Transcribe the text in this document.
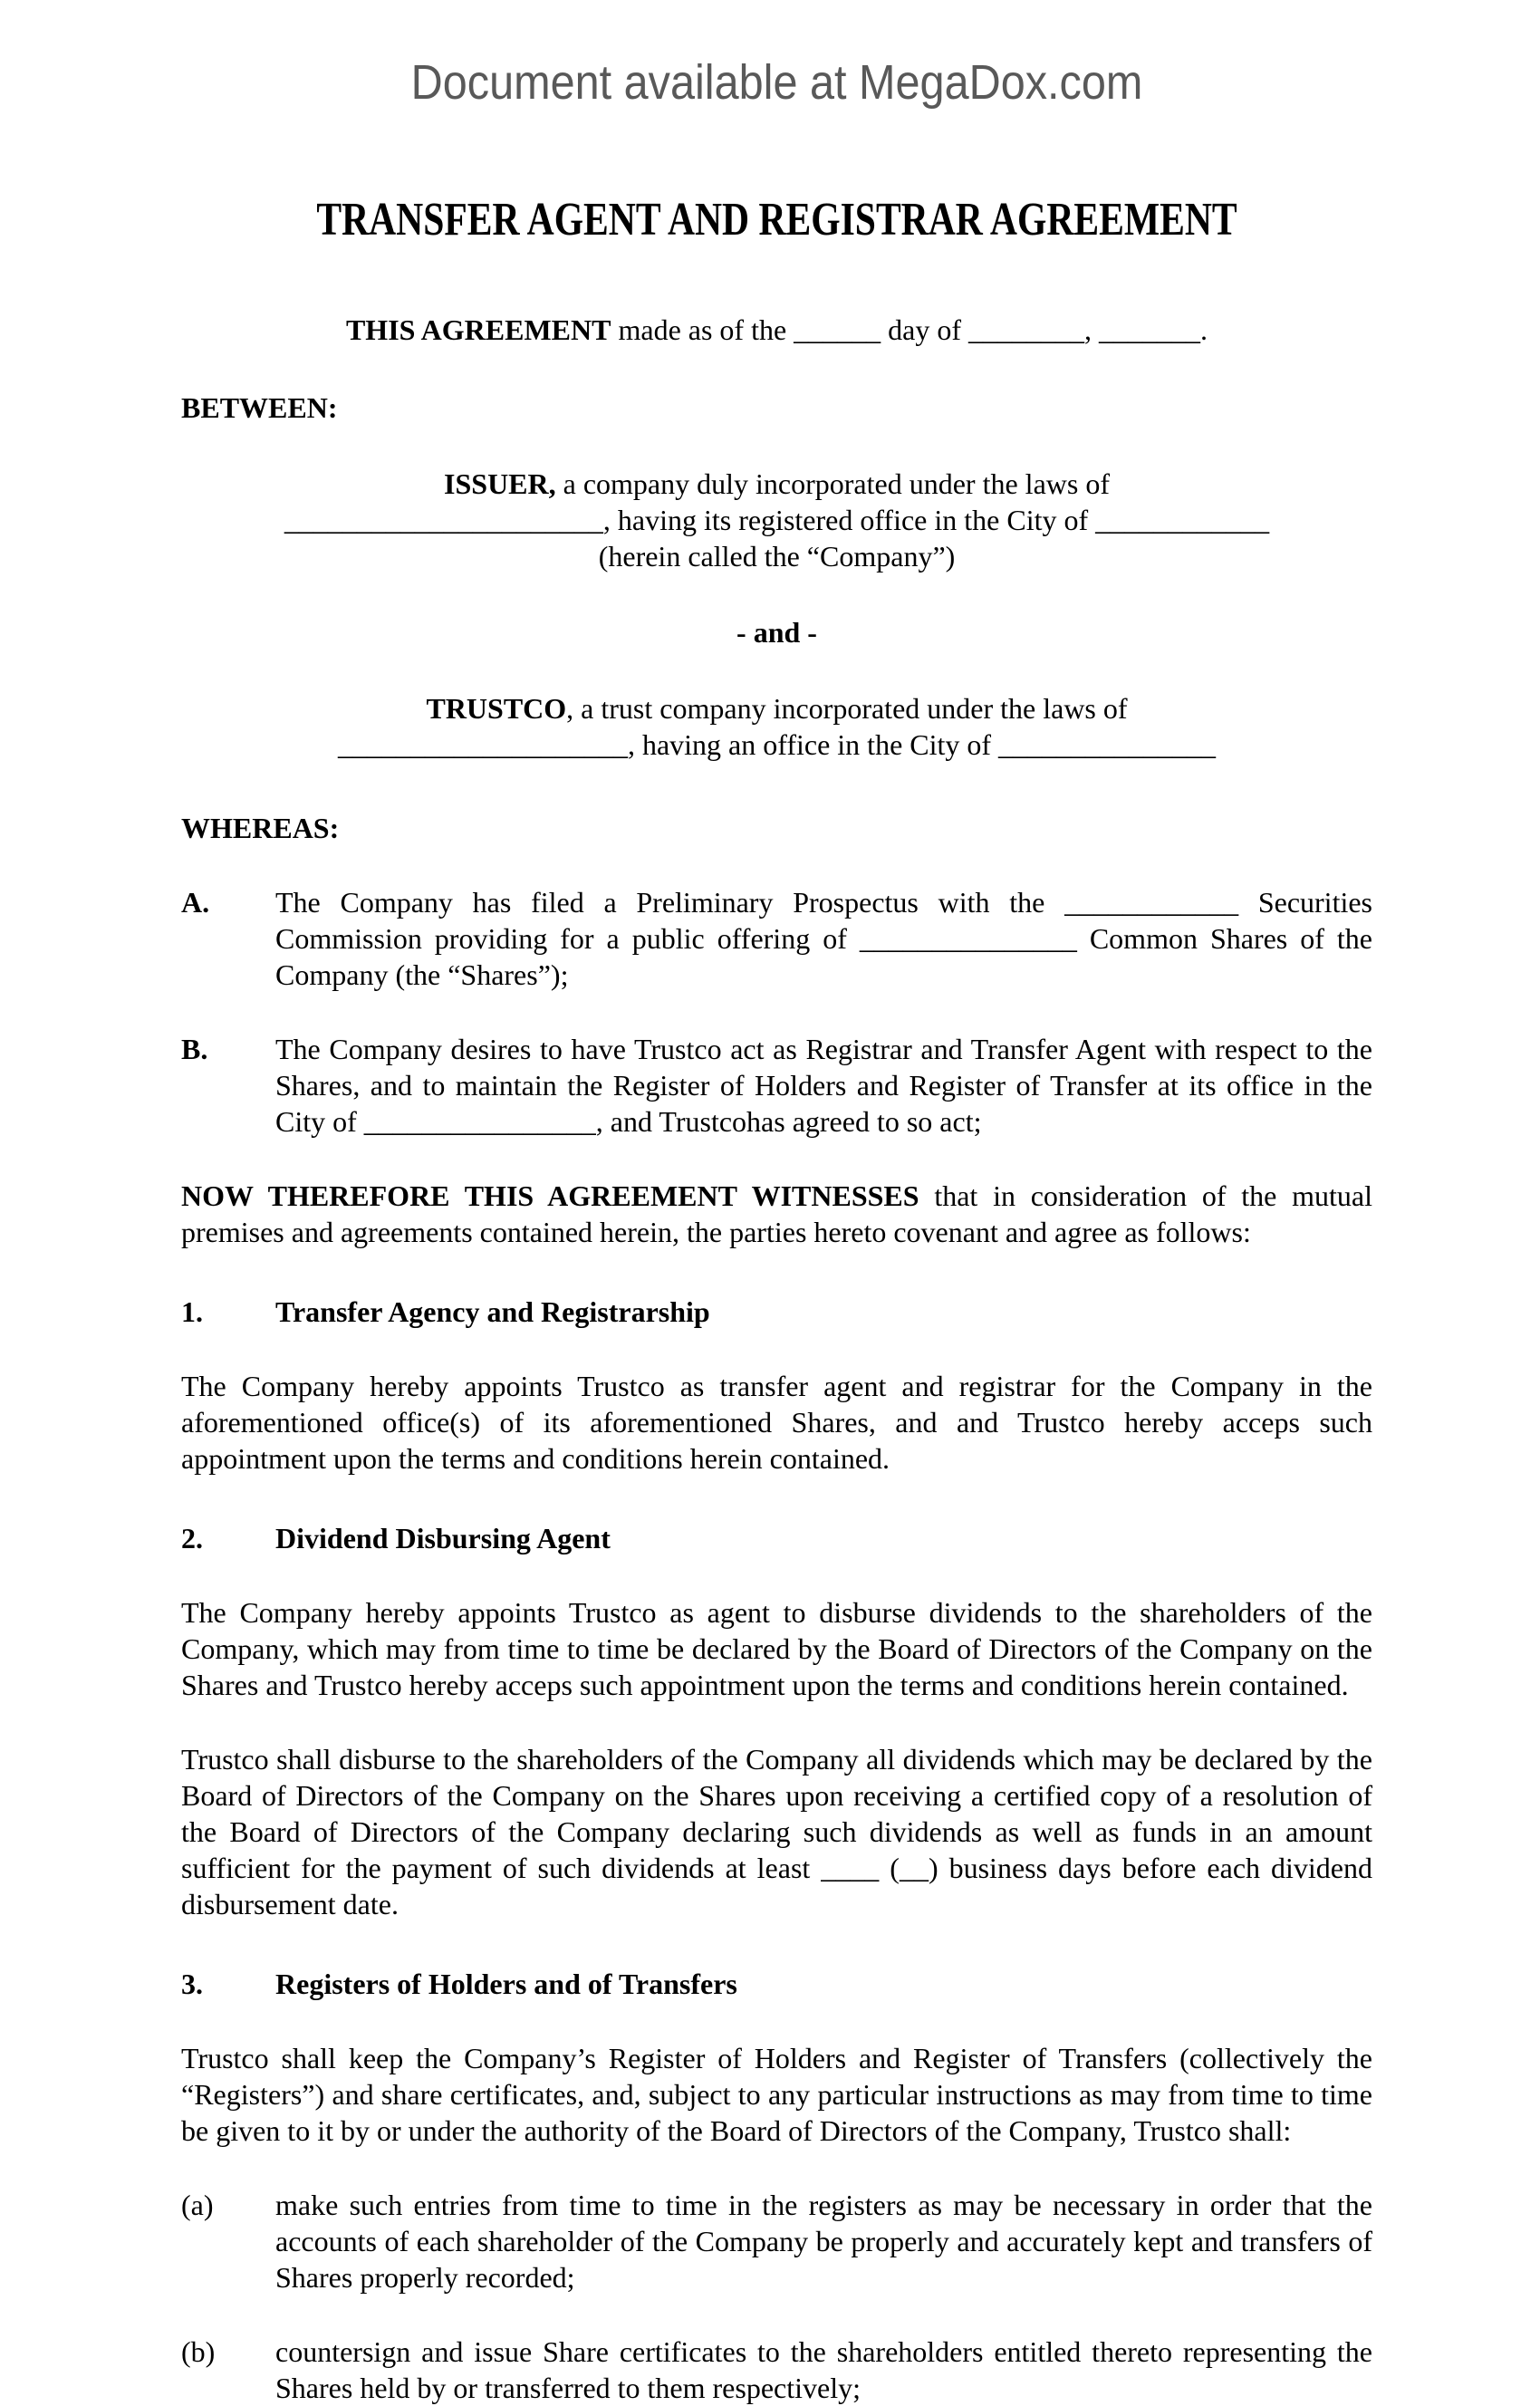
Document available at MegaDox.com
TRANSFER AGENT AND REGISTRAR AGREEMENT

THIS AGREEMENT made as of the ______ day of ________, _______.

BETWEEN:

ISSUER, a company duly incorporated under the laws of

______________________, having its registered office in the City of ____________

(herein called the “Company”)

- and -

TRUSTCO, a trust company incorporated under the laws of

____________________, having an office in the City of _______________

WHEREAS:

A.	The Company has filed a Preliminary Prospectus with the ____________ Securities Commission providing for a public offering of _______________ Common Shares of the Company (the “Shares”);
B.	The Company desires to have Trustco act as Registrar and Transfer Agent with respect to the Shares, and to maintain the Register of Holders and Register of Transfer at its office in the City of ________________, and Trustcohas agreed to so act;

NOW THEREFORE THIS AGREEMENT WITNESSES that in consideration of the mutual premises and agreements contained herein, the parties hereto covenant and agree as follows:

1.	Transfer Agency and Registrarship

The Company hereby appoints Trustco as transfer agent and registrar for the Company in the aforementioned office(s) of its aforementioned Shares, and and Trustco hereby acceps such appointment upon the terms and conditions herein contained.

2.	Dividend Disbursing Agent

The Company hereby appoints Trustco as agent to disburse dividends to the shareholders of the Company, which may from time to time be declared by the Board of Directors of the Company on the Shares and Trustco hereby acceps such appointment upon the terms and conditions herein contained.

Trustco shall disburse to the shareholders of the Company all dividends which may be declared by the Board of Directors of the Company on the Shares upon receiving a certified copy of a resolution of the Board of Directors of the Company declaring such dividends as well as funds in an amount sufficient for the payment of such dividends at least ____ (__) business days before each dividend disbursement date.

3.	Registers of Holders and of Transfers

Trustco shall keep the Company’s Register of Holders and Register of Transfers (collectively the “Registers”) and share certificates, and, subject to any particular instructions as may from time to time be given to it by or under the authority of the Board of Directors of the Company, Trustco shall:

(a)	make such entries from time to time in the registers as may be necessary in order that the accounts of each shareholder of the Company be properly and accurately kept and transfers of Shares properly recorded;
(b)	countersign and issue Share certificates to the shareholders entitled thereto representing the Shares held by or transferred to them respectively;
